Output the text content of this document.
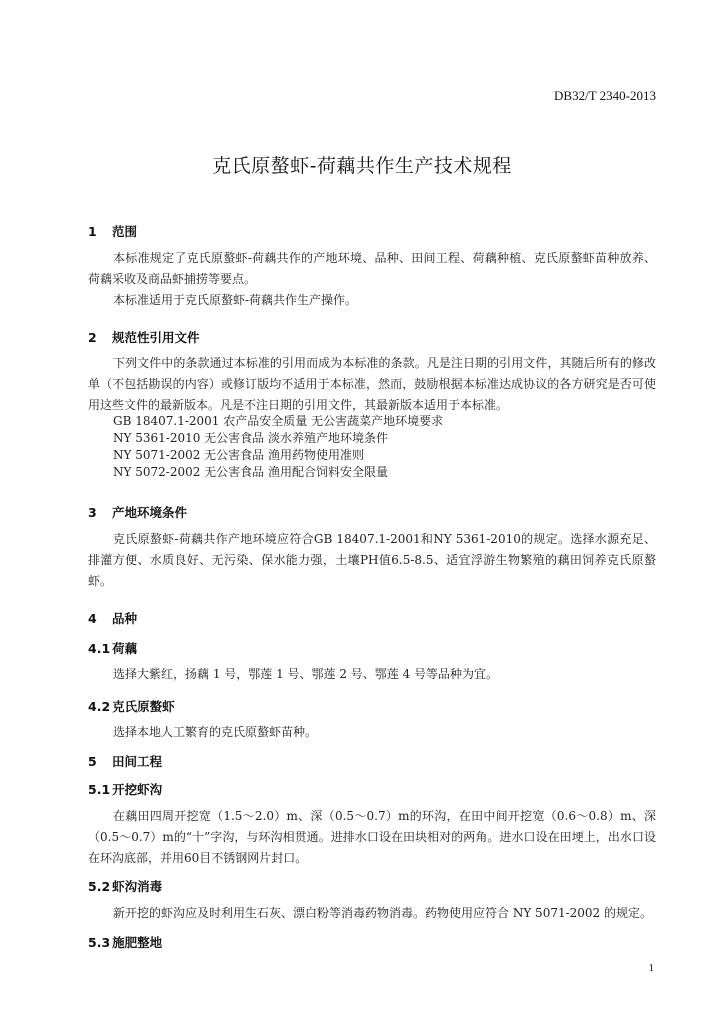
DB32/T 2340-2013
克氏原螯虾-荷藕共作生产技术规程
1 范围
本标准规定了克氏原螯虾-荷藕共作的产地环境、品种、田间工程、荷藕种植、克氏原螯虾苗种放养、荷藕采收及商品虾捕捞等要点。
本标准适用于克氏原螯虾-荷藕共作生产操作。
2 规范性引用文件
下列文件中的条款通过本标准的引用而成为本标准的条款。凡是注日期的引用文件，其随后所有的修改单（不包括勘误的内容）或修订版均不适用于本标准，然而，鼓励根据本标准达成协议的各方研究是否可使用这些文件的最新版本。凡是不注日期的引用文件，其最新版本适用于本标准。
GB 18407.1-2001 农产品安全质量 无公害蔬菜产地环境要求
NY 5361-2010 无公害食品 淡水养殖产地环境条件
NY 5071-2002 无公害食品 渔用药物使用准则
NY 5072-2002 无公害食品 渔用配合饲料安全限量
3 产地环境条件
克氏原螯虾-荷藕共作产地环境应符合GB 18407.1-2001和NY 5361-2010的规定。选择水源充足、排灌方便、水质良好、无污染、保水能力强，土壤PH值6.5-8.5、适宜浮游生物繁殖的藕田饲养克氏原螯虾。
4 品种
4.1 荷藕
选择大紫红，扬藕 1 号，鄂莲 1 号、鄂莲 2 号、鄂莲 4 号等品种为宜。
4.2 克氏原螯虾
选择本地人工繁育的克氏原螯虾苗种。
5 田间工程
5.1 开挖虾沟
在藕田四周开挖宽（1.5～2.0）m、深（0.5～0.7）m的环沟，在田中间开挖宽（0.6～0.8）m、深（0.5～0.7）m的“十”字沟，与环沟相贯通。进排水口设在田块相对的两角。进水口设在田埂上，出水口设在环沟底部，并用60目不锈钢网片封口。
5.2 虾沟消毒
新开挖的虾沟应及时利用生石灰、漂白粉等消毒药物消毒。药物使用应符合 NY 5071-2002 的规定。
5.3 施肥整地
1
